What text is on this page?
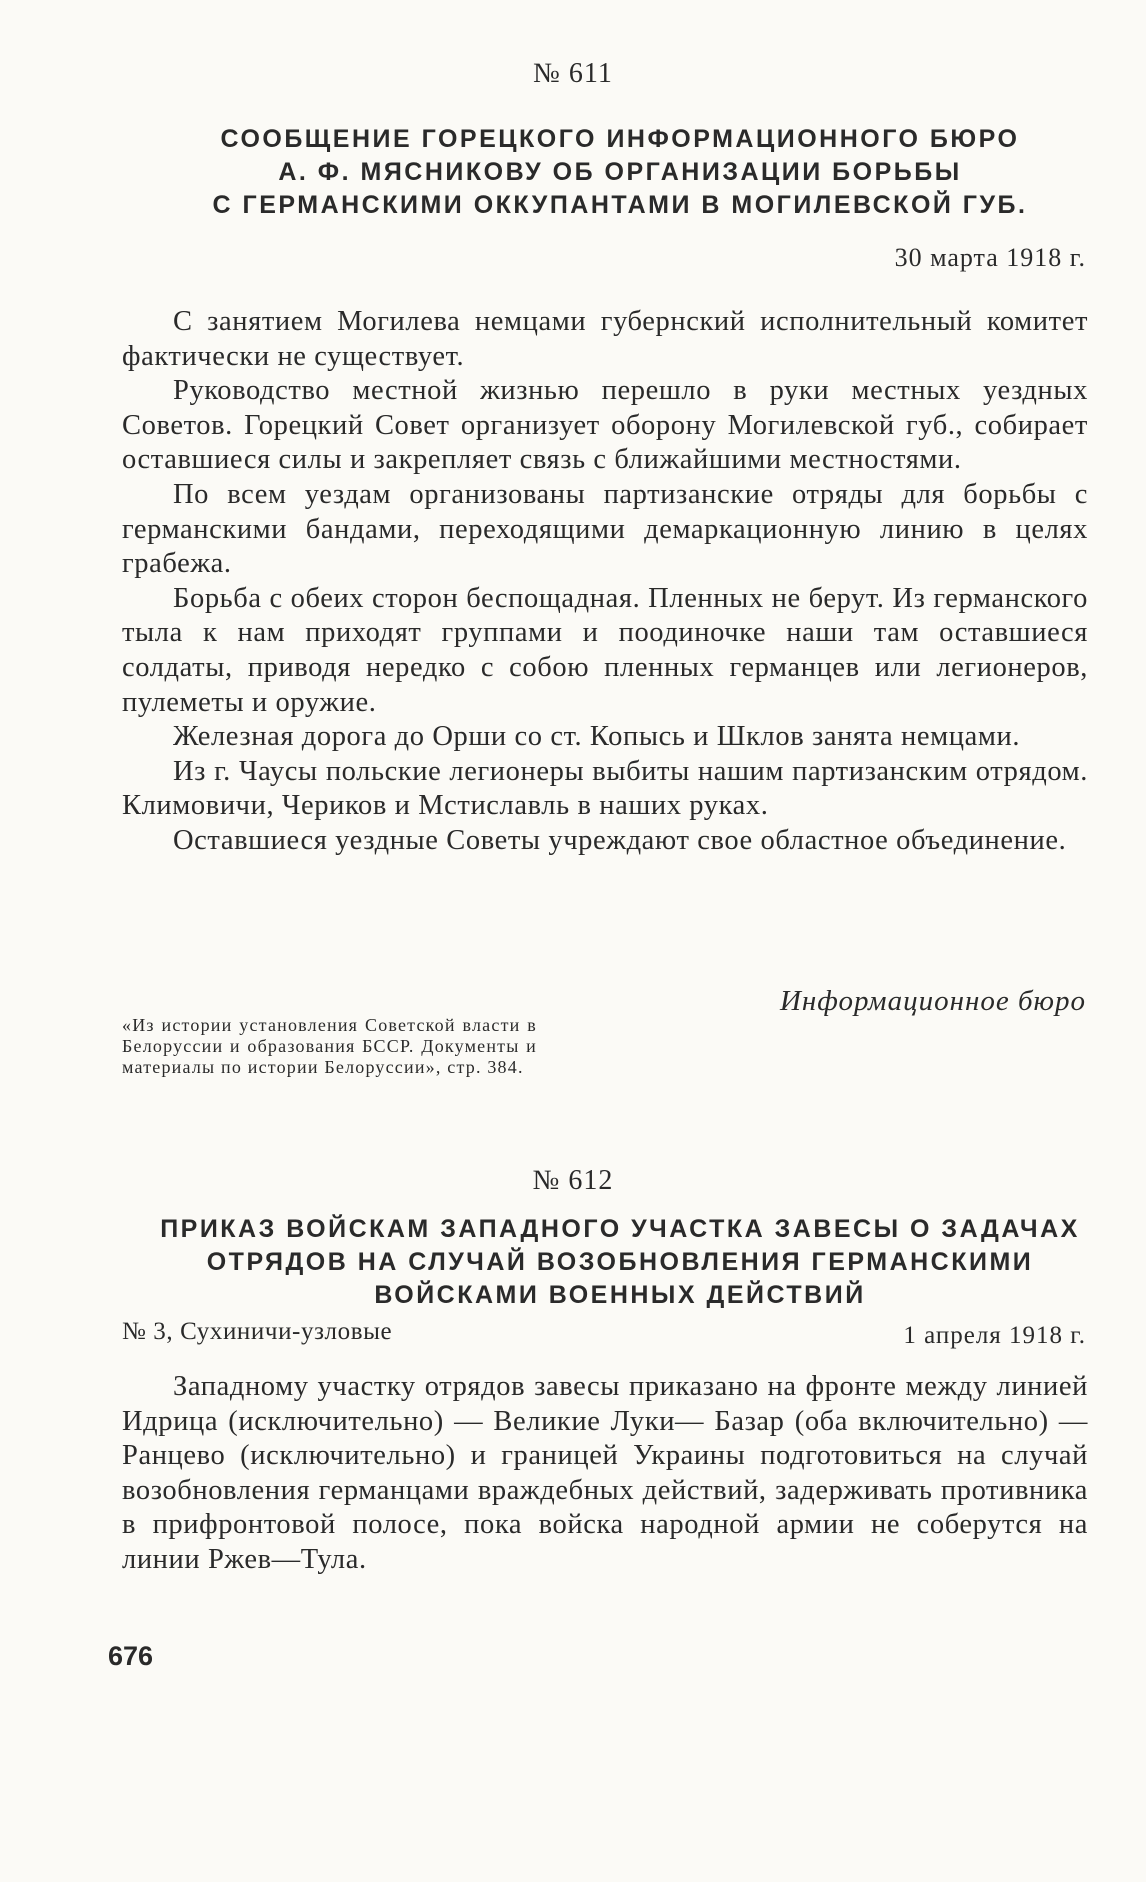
№ 611
СООБЩЕНИЕ ГОРЕЦКОГО ИНФОРМАЦИОННОГО БЮРО
А. Ф. МЯСНИКОВУ ОБ ОРГАНИЗАЦИИ БОРЬБЫ
С ГЕРМАНСКИМИ ОККУПАНТАМИ В МОГИЛЕВСКОЙ ГУБ.
30 марта 1918 г.

С занятием Могилева немцами губернский исполнительный комитет фактически не существует.

Руководство местной жизнью перешло в руки местных уездных Советов. Горецкий Совет организует оборону Могилевской губ., собирает оставшиеся силы и закрепляет связь с ближайшими местностями.

По всем уездам организованы партизанские отряды для борьбы с германскими бандами, переходящими демаркационную линию в целях грабежа.

Борьба с обеих сторон беспощадная. Пленных не берут. Из германского тыла к нам приходят группами и поодиночке наши там оставшиеся солдаты, приводя нередко с собою пленных германцев или легионеров, пулеметы и оружие.

Железная дорога до Орши со ст. Копысь и Шклов занята немцами.

Из г. Чаусы польские легионеры выбиты нашим партизанским отрядом. Климовичи, Чериков и Мстиславль в наших руках.

Оставшиеся уездные Советы учреждают свое областное объединение.

Информационное бюро
«Из истории установления Советской власти в Белоруссии и образования БССР. Документы и материалы по истории Белоруссии», стр. 384.
№ 612
ПРИКАЗ ВОЙСКАМ ЗАПАДНОГО УЧАСТКА ЗАВЕСЫ О ЗАДАЧАХ
ОТРЯДОВ НА СЛУЧАЙ ВОЗОБНОВЛЕНИЯ ГЕРМАНСКИМИ
ВОЙСКАМИ ВОЕННЫХ ДЕЙСТВИЙ
№ 3, Сухиничи-узловые	1 апреля 1918 г.

Западному участку отрядов завесы приказано на фронте между линией Идрица (исключительно) — Великие Луки— Базар (оба включительно) — Ранцево (исключительно) и границей Украины подготовиться на случай возобновления германцами враждебных действий, задерживать противника в прифронтовой полосе, пока войска народной армии не соберутся на линии Ржев—Тула.

676
